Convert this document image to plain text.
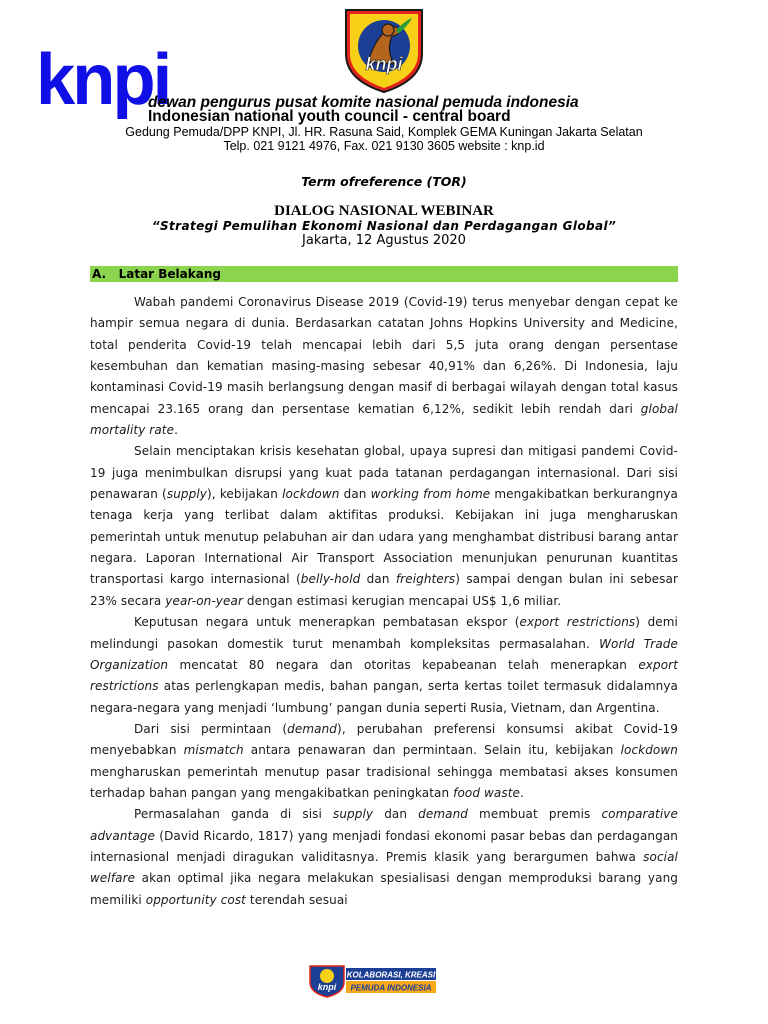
knpi	knpi
dewan pengurus pusat komite nasional pemuda indonesia
Indonesian national youth council - central board
Gedung Pemuda/DPP KNPI, Jl. HR. Rasuna Said, Komplek GEMA Kuningan Jakarta Selatan
Telp. 021 9121 4976, Fax. 021 9130 3605 website : knp.id
Term ofreference (TOR)
DIALOG NASIONAL WEBINAR
“Strategi Pemulihan Ekonomi Nasional dan Perdagangan Global”
Jakarta, 12 Agustus 2020
A.   Latar Belakang

Wabah pandemi Coronavirus Disease 2019 (Covid-19) terus menyebar dengan cepat ke hampir semua negara di dunia. Berdasarkan catatan Johns Hopkins University and Medicine, total penderita Covid-19 telah mencapai lebih dari 5,5 juta orang dengan persentase kesembuhan dan kematian masing-masing sebesar 40,91% dan 6,26%. Di Indonesia, laju kontaminasi Covid-19 masih berlangsung dengan masif di berbagai wilayah dengan total kasus mencapai 23.165 orang dan persentase kematian 6,12%, sedikit lebih rendah dari global mortality rate.

Selain menciptakan krisis kesehatan global, upaya supresi dan mitigasi pandemi Covid-19 juga menimbulkan disrupsi yang kuat pada tatanan perdagangan internasional. Dari sisi penawaran (supply), kebijakan lockdown dan working from home mengakibatkan berkurangnya tenaga kerja yang terlibat dalam aktifitas produksi. Kebijakan ini juga mengharuskan pemerintah untuk menutup pelabuhan air dan udara yang menghambat distribusi barang antar negara. Laporan International Air Transport Association menunjukan penurunan kuantitas transportasi kargo internasional (belly-hold dan freighters) sampai dengan bulan ini sebesar 23% secara year-on-year dengan estimasi kerugian mencapai US$ 1,6 miliar.

Keputusan negara untuk menerapkan pembatasan ekspor (export restrictions) demi melindungi pasokan domestik turut menambah kompleksitas permasalahan. World Trade Organization mencatat 80 negara dan otoritas kepabeanan telah menerapkan export restrictions atas perlengkapan medis, bahan pangan, serta kertas toilet termasuk didalamnya negara-negara yang menjadi ‘lumbung’ pangan dunia seperti Rusia, Vietnam, dan Argentina.

Dari sisi permintaan (demand), perubahan preferensi konsumsi akibat Covid-19 menyebabkan mismatch antara penawaran dan permintaan. Selain itu, kebijakan lockdown mengharuskan pemerintah menutup pasar tradisional sehingga membatasi akses konsumen terhadap bahan pangan yang mengakibatkan peningkatan food waste.

Permasalahan ganda di sisi supply dan demand membuat premis comparative advantage (David Ricardo, 1817) yang menjadi fondasi ekonomi pasar bebas dan perdagangan internasional menjadi diragukan validitasnya. Premis klasik yang berargumen bahwa social welfare akan optimal jika negara melakukan spesialisasi dengan memproduksi barang yang memiliki opportunity cost terendah sesuai

knpi
KOLABORASI, KREASI
PEMUDA INDONESIA
